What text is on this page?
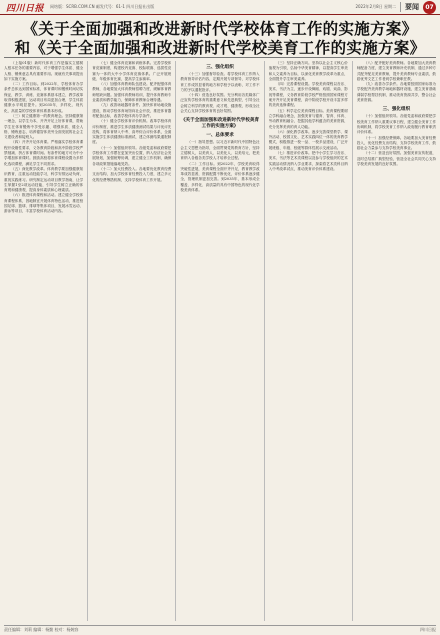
四川日报 网络版：SCRB.COM.CN 邮发代号：61-1 四川日报社出版	2022年2月8日 星期二	要闻	07
《关于全面加强和改进新时代学校体育工作的实施方案》
和《关于全面加强和改进新时代学校美育工作的实施方案》

（上接01版）新时代体育工作是落实立德树人根本任务的重要内容，对于增强学生体质、健全人格、锤炼意志具有重要作用。现就有关事项提出如下实施方案。

（二）工作目标。到2022年，学校体育办学条件总体达到国家标准，体育课时和锻炼时间切实保证，教学、训练、竞赛体系基本建立，教学改革取得积极进展，运动项目布局更加合理，学生体质健康水平明显提升。到2035年，多样化、现代化、高质量的学校体育体系基本形成。

（三）树立健康第一的教育理念。坚持健康第一理念，以学生为本，开齐开足上好体育课，帮助学生在体育锻炼中享受乐趣、增强体质、健全人格、锤炼意志，培养德智体美劳全面发展的社会主义建设者和接班人。

（四）开齐开足体育课。严格落实学校体育课程开设刚性要求，义务教育阶段和高中阶段学校严禁削减、挤占体育课时间。有条件的地方可为中小学增加体育课时。鼓励高校将体育课程设置为多样化选项课程，满足学生不同需求。

（五）深化教学改革。体育教学要加强健康知识教育，注重运动技能学习，科学安排运动负荷，重视实践练习。研究制定运动项目教学指南，让学生掌握1至2项运动技能，引导学生树立正确的体育观和健康观，提高身体素质和心理素质。

（六）推进体育课程和活动。建立健全学校体育课程体系，因地制宜开展体育特色活动，推进校园足球、篮球、排球等集体项目，发展冰雪运动、游泳等项目，丰富学校体育活动内容。

（七）健全体育竞赛和训练体系。完善学校体育竞赛制度，构建校内竞赛、校际联赛、选拔性竞赛为一体的大中小学体育竞赛体系。广泛开展班级、年级体育比赛，提高学生参赛率。

（八）加强体育教师队伍建设。配齐配强体育教师，各地要加大体育教师招聘力度，缓解体育教师短缺问题。加强体育教师培训，提升体育教师专业素质和教学能力，保障体育教师合理待遇。

（九）改善场地器材条件。加快体育场地设施建设，推动学校体育场馆向社会开放，推进体育器材配备达标，改善学校体育办学条件。

（十）健全学校体育评价机制。改革学校体育评价制度，推进学生体质健康测试结果与评优评先挂钩，将体育纳入中考、高考综合评价体系，全面实施学生体质健康标准测试，建立体测结果通报制度。

（十一）加强组织领导。各级党委和政府要把学校体育工作摆在更加突出位置，纳入经济社会发展规划，加强统筹协调，建立健全工作机制，确保各项政策措施落地见效。

（十二）加大经费投入。各地要优化教育经费支出结构，加大学校体育经费投入力度，建立多元化的经费筹措机制，支持学校体育工作开展。

三、强化组织

（十三）加强督导检查。将学校体育工作纳入教育督导评估内容，定期开展专项督导，对学校体育工作成效显著的地方和学校予以表彰，对工作不力的予以通报批评。

（十四）营造良好氛围。充分利用各类媒体广泛宣传学校体育的重要意义和先进典型，引导全社会树立科学的教育观、成才观、健康观，形成全社会关心支持学校体育的良好氛围。

《关于全面加强和改进新时代学校美育工作的实施方案》
一、总体要求

（一）指导思想。以习近平新时代中国特色社会主义思想为指导，全面贯彻党的教育方针，坚持立德树人，以美育人、以美化人、以美培元，把美育纳入各级各类学校人才培养全过程。

（二）工作目标。到2022年，学校美育取得突破性进展，美育课程全面开齐开足，教育教学改革成效显著，资源配置不断优化，评价体系逐步健全，管理机制更加完善。到2035年，基本形成全覆盖、多样化、高质量的具有中国特色的现代化学校美育体系。

（三）坚持正确方向。坚持以社会主义核心价值观为引领，弘扬中华美育精神，以提高学生审美和人文素养为目标，以深化美育教学改革为重点，全面提升学生审美素养。

（四）完善课程设置。学校美育课程以音乐、美术、书法为主，逐步开设舞蹈、戏剧、戏曲、影视等课程，义务教育阶段学校严格按照国家课程方案开齐开足美育课程，高中阶段学校开设丰富多样的美育选修课程。

（五）科学定位美育课程目标。美育课程要树立学科融合理念，加强美育与德育、智育、体育、劳动教育相融合，挖掘其他学科蕴含的美育资源，充分发挥美育的育人功能。

（六）深化教学改革。逐步完善课堂教学、课外活动、校园文化、艺术实践四位一体的美育教学模式，积极推进一校一品、一校多品建设，广泛开展班级、年级、校级等群体性展示交流活动。

（七）推进评价改革。把中小学生学习音乐、美术、书法等艺术类课程以及参与学校组织的艺术实践活动情况纳入学业要求，探索将艺术类科目纳入中考改革试点，推动美育评价体系建设。

（八）配齐配好美育教师。各地要加大美育教师配备力度，建立美育教师补充机制，通过多种方式配齐配足美育教师，提升美育教师专业素质，鼓励优秀文艺工作者到学校兼职任教。

（九）改善办学条件。各地要按照国家标准为学校配齐美育教学场地和器材设施，建立美育基础薄弱学校帮扶机制，推动美育资源共享，整合社会美育资源。

三、强化组织

（十）加强组织领导。各级党委和政府要把学校美育工作纳入重要议事日程，建立健全美育工作协调机制，将学校美育工作纳入政府履行教育职责评价体系。

（十一）加强经费保障。各地要加大美育经费投入，优化经费支出结构，支持学校美育工作，鼓励社会力量参与支持学校美育事业。

（十二）营造良好氛围。加强美育宣传报道，及时总结推广典型经验，营造全社会共同关心支持学校美育发展的良好氛围。

责任编辑：刘莉 编辑：杨勤 校对：杨婉容	四川日报
